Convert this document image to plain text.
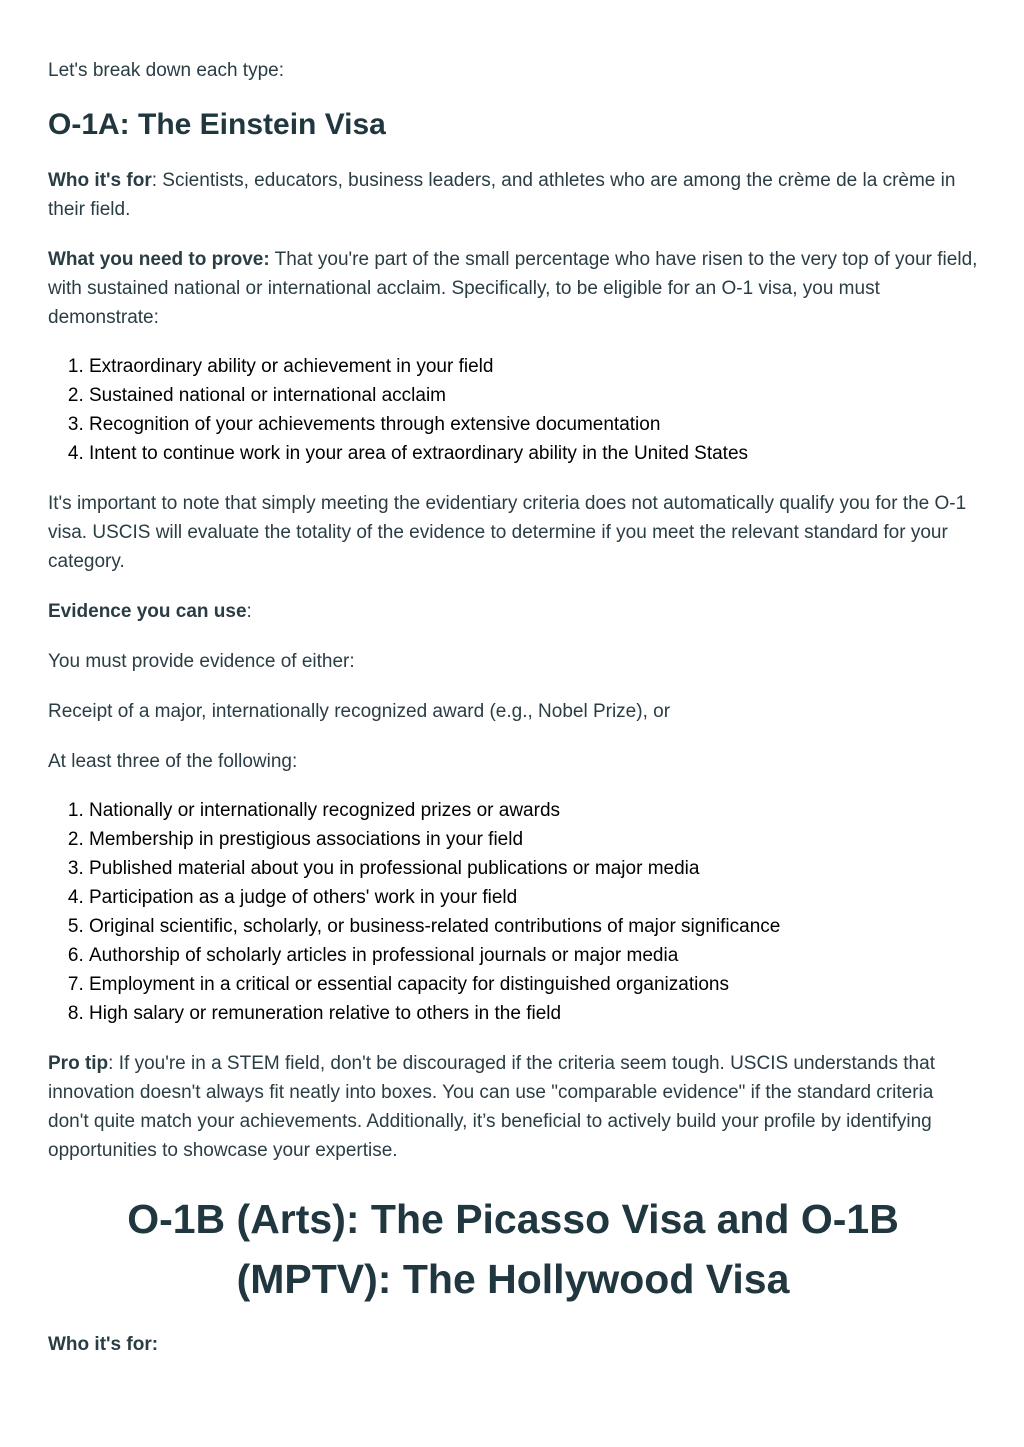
Let's break down each type:

O-1A: The Einstein Visa

Who it's for: Scientists, educators, business leaders, and athletes who are among the crème de la crème in their field.

What you need to prove: That you're part of the small percentage who have risen to the very top of your field, with sustained national or international acclaim. Specifically, to be eligible for an O-1 visa, you must demonstrate:

1. Extraordinary ability or achievement in your field
2. Sustained national or international acclaim
3. Recognition of your achievements through extensive documentation
4. Intent to continue work in your area of extraordinary ability in the United States

It's important to note that simply meeting the evidentiary criteria does not automatically qualify you for the O-1 visa. USCIS will evaluate the totality of the evidence to determine if you meet the relevant standard for your category.

Evidence you can use:

You must provide evidence of either:

Receipt of a major, internationally recognized award (e.g., Nobel Prize), or

At least three of the following:

1. Nationally or internationally recognized prizes or awards
2. Membership in prestigious associations in your field
3. Published material about you in professional publications or major media
4. Participation as a judge of others' work in your field
5. Original scientific, scholarly, or business-related contributions of major significance
6. Authorship of scholarly articles in professional journals or major media
7. Employment in a critical or essential capacity for distinguished organizations
8. High salary or remuneration relative to others in the field

Pro tip: If you're in a STEM field, don't be discouraged if the criteria seem tough. USCIS understands that innovation doesn't always fit neatly into boxes. You can use "comparable evidence" if the standard criteria don't quite match your achievements. Additionally, it’s beneficial to actively build your profile by identifying opportunities to showcase your expertise.

O-1B (Arts): The Picasso Visa and O-1B (MPTV): The Hollywood Visa

Who it's for:
